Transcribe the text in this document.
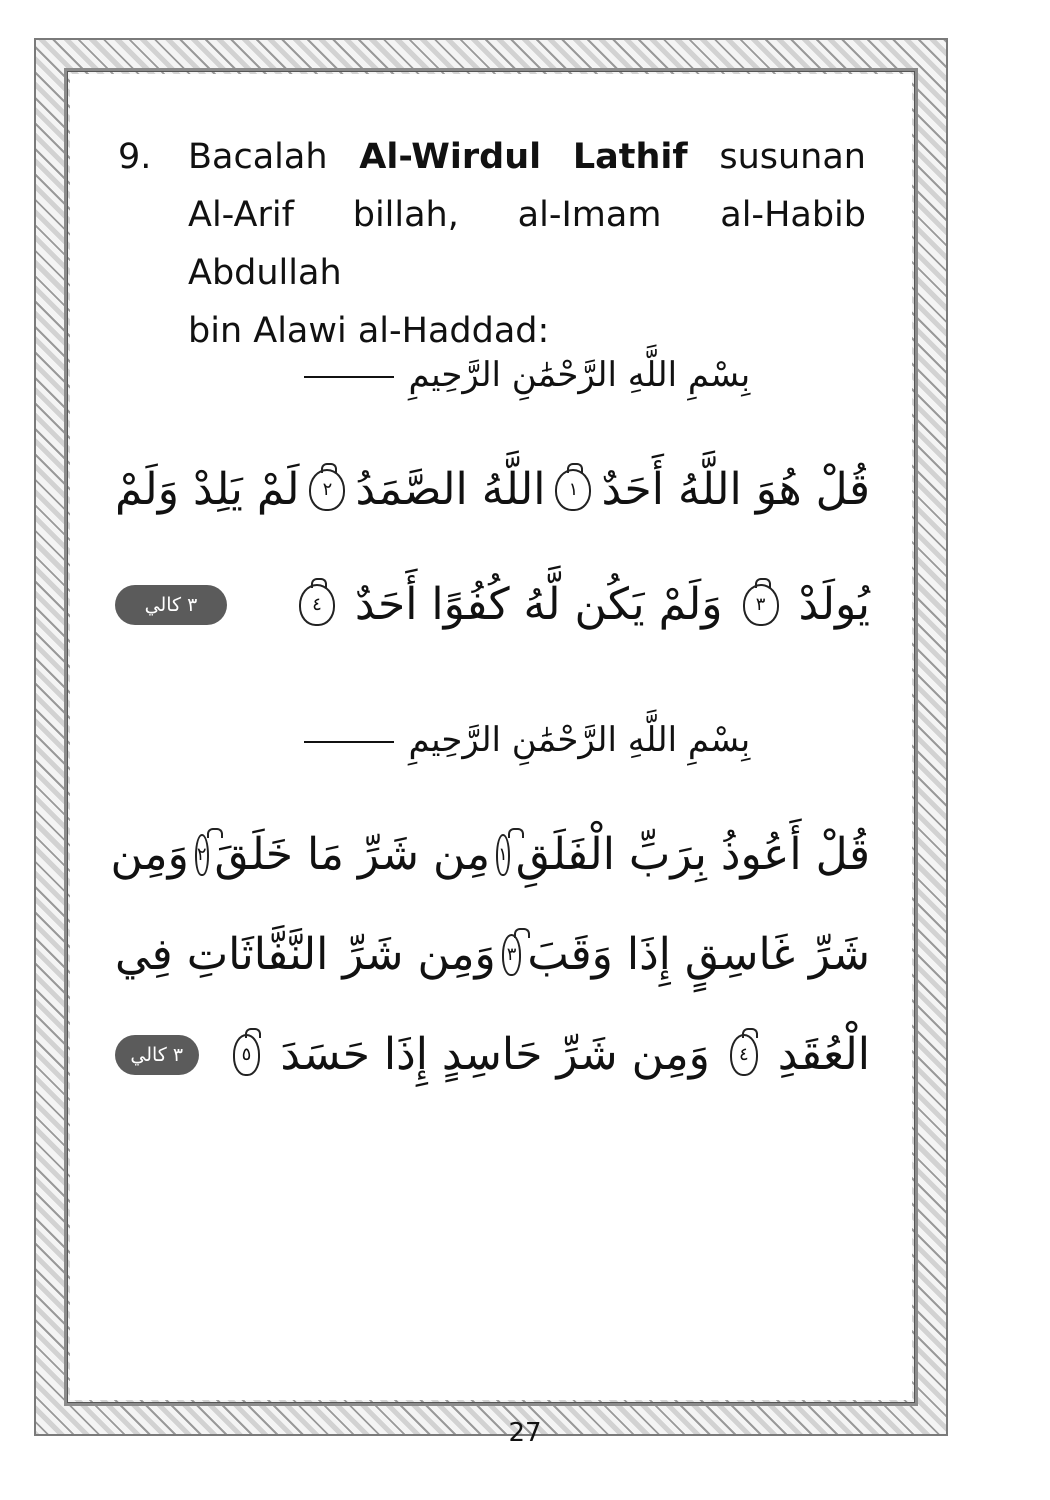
9. Bacalah Al-Wirdul Lathif susunan
Al-Arif billah, al-Imam al-Habib Abdullah
bin Alawi al-Haddad:
بِسْمِ اللَّهِ الرَّحْمَٰنِ الرَّحِيمِ
قُلْ هُوَ اللَّهُ أَحَدٌ
١
اللَّهُ الصَّمَدُ
٢
لَمْ يَلِدْ وَلَمْ
يُولَدْ
٣
وَلَمْ يَكُن لَّهُ كُفُوًا أَحَدٌ
٤
٣ كالي
بِسْمِ اللَّهِ الرَّحْمَٰنِ الرَّحِيمِ
قُلْ أَعُوذُ بِرَبِّ الْفَلَقِ
١
مِن شَرِّ مَا خَلَقَ
٢
وَمِن
شَرِّ غَاسِقٍ إِذَا وَقَبَ
٣
وَمِن شَرِّ النَّفَّاثَاتِ فِي
الْعُقَدِ
٤
وَمِن شَرِّ حَاسِدٍ إِذَا حَسَدَ
٥
٣ كالي
27
